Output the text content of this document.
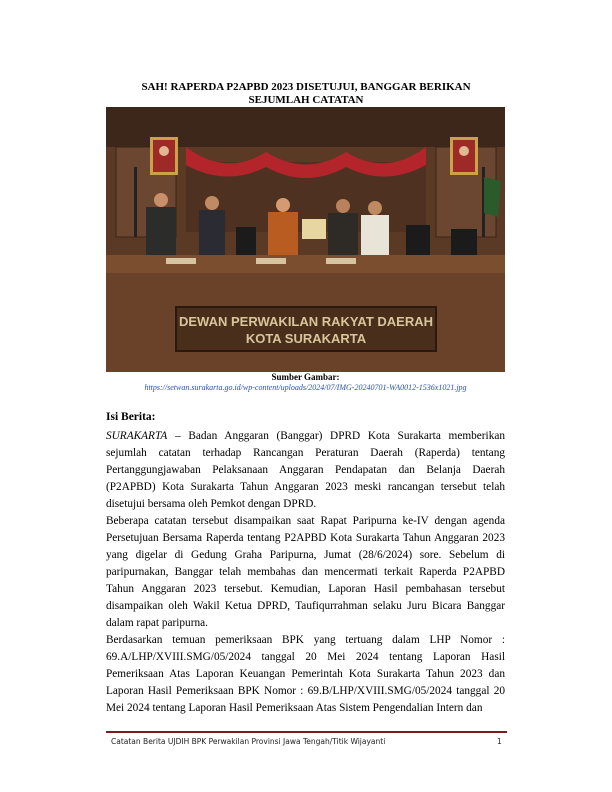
SAH! RAPERDA P2APBD 2023 DISETUJUI, BANGGAR BERIKAN SEJUMLAH CATATAN
DEWAN PERWAKILAN RAKYAT DAERAH
KOTA SURAKARTA
Sumber Gambar:
https://setwan.surakarta.go.id/wp-content/uploads/2024/07/IMG-20240701-WA0012-1536x1021.jpg
Isi Berita:

SURAKARTA – Badan Anggaran (Banggar) DPRD Kota Surakarta memberikan sejumlah catatan terhadap Rancangan Peraturan Daerah (Raperda) tentang Pertanggungjawaban Pelaksanaan Anggaran Pendapatan dan Belanja Daerah (P2APBD) Kota Surakarta Tahun Anggaran 2023 meski rancangan tersebut telah disetujui bersama oleh Pemkot dengan DPRD.

Beberapa catatan tersebut disampaikan saat Rapat Paripurna ke-IV dengan agenda Persetujuan Bersama Raperda tentang P2APBD Kota Surakarta Tahun Anggaran 2023 yang digelar di Gedung Graha Paripurna, Jumat (28/6/2024) sore. Sebelum di paripurnakan, Banggar telah membahas dan mencermati terkait Raperda P2APBD Tahun Anggaran 2023 tersebut. Kemudian, Laporan Hasil pembahasan tersebut disampaikan oleh Wakil Ketua DPRD, Taufiqurrahman selaku Juru Bicara Banggar dalam rapat paripurna.

Berdasarkan temuan pemeriksaan BPK yang tertuang dalam LHP Nomor : 69.A/LHP/XVIII.SMG/05/2024 tanggal 20 Mei 2024 tentang Laporan Hasil Pemeriksaan Atas Laporan Keuangan Pemerintah Kota Surakarta Tahun 2023 dan Laporan Hasil Pemeriksaan BPK Nomor : 69.B/LHP/XVIII.SMG/05/2024 tanggal 20 Mei 2024 tentang Laporan Hasil Pemeriksaan Atas Sistem Pengendalian Intern dan

Catatan Berita UJDIH BPK Perwakilan Provinsi Jawa Tengah/Titik Wijayanti	1
